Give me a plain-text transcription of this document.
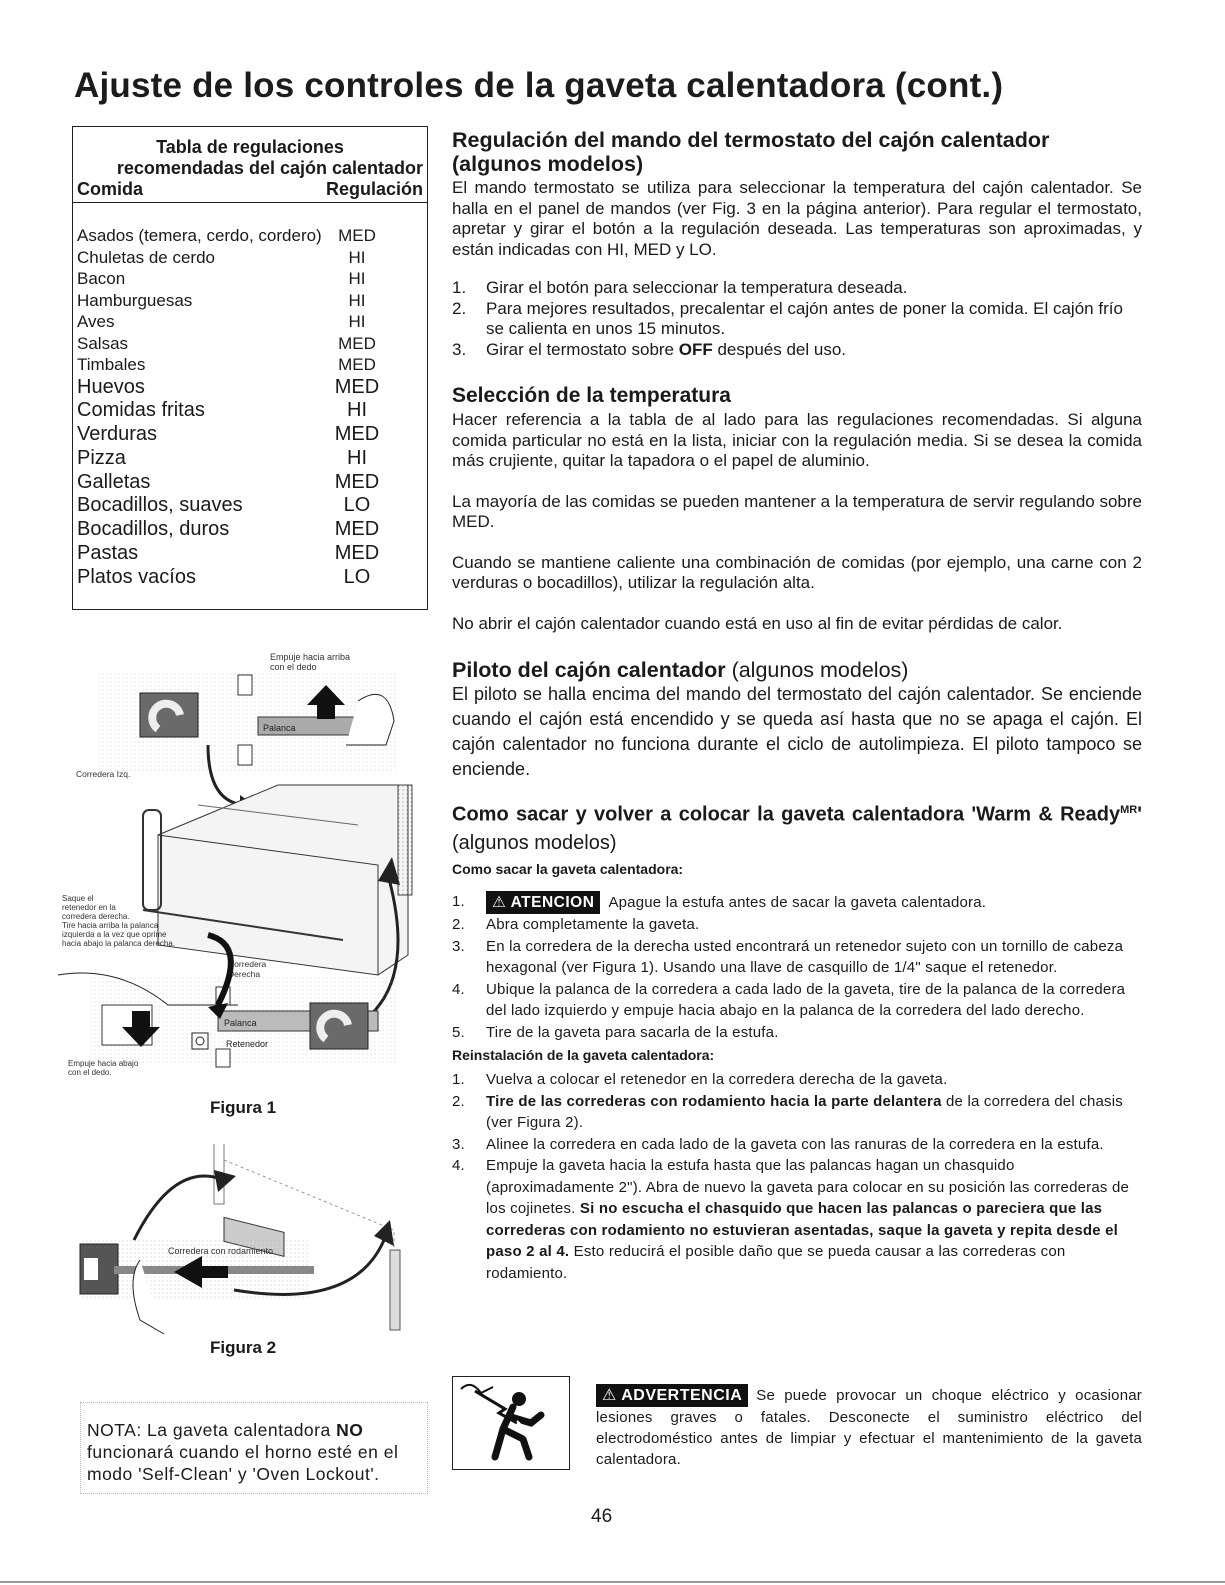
Ajuste de los controles de la gaveta calentadora (cont.)
Tabla de regulaciones
recomendadas del cajón calentador
Comida	Regulación
Asados (temera, cerdo, cordero) MED
Chuletas de cerdo	HI
Bacon	HI
Hamburguesas	HI
Aves	HI
Salsas	MED
Timbales	MED
Huevos	MED
Comidas fritas	HI
Verduras	MED
Pizza	HI
Galletas	MED
Bocadillos, suaves	LO
Bocadillos, duros	MED
Pastas	MED
Platos vacíos	LO
Empuje hacia arriba
con el dedo
Palanca
Corredera Izq.
Saque el
retenedor en la
corredera derecha.
Tire hacia arriba la palanca
izquierda a la vez que oprime
hacia abajo la palanca derecha.
Corredera
Derecha
Palanca
Retenedor
Empuje hacia abajo
con el dedo.
Figura 1
Corredera con rodamiento
Figura 2
NOTA: La gaveta calentadora NO funcionará cuando el horno esté en el modo 'Self-Clean' y 'Oven Lockout'.
Regulación del mando del termostato del cajón calentador (algunos modelos)

El mando termostato se utiliza para seleccionar la temperatura del cajón calentador. Se halla en el panel de mandos (ver Fig. 3 en la página anterior). Para regular el termostato, apretar y girar el botón a la regulación deseada. Las temperaturas son aproximadas, y están indicadas con HI, MED y LO.

1.	Girar el botón para seleccionar la temperatura deseada.
2.	Para mejores resultados, precalentar el cajón antes de poner la comida. El cajón frío se calienta en unos 15 minutos.
3.	Girar el termostato sobre OFF después del uso.
Selección de la temperatura

Hacer referencia a la tabla de al lado para las regulaciones recomendadas. Si alguna comida particular no está en la lista, iniciar con la regulación media. Si se desea la comida más crujiente, quitar la tapadora o el papel de aluminio.

La mayoría de las comidas se pueden mantener a la temperatura de servir regulando sobre MED.

Cuando se mantiene caliente una combinación de comidas (por ejemplo, una carne con 2 verduras o bocadillos), utilizar la regulación alta.

No abrir el cajón calentador cuando está en uso al fin de evitar pérdidas de calor.

Piloto del cajón calentador (algunos modelos)

El piloto se halla encima del mando del termostato del cajón calentador. Se enciende cuando el cajón está encendido y se queda así hasta que no se apaga el cajón. El cajón calentador no funciona durante el ciclo de autolimpieza. El piloto tampoco se enciende.

Como sacar y volver a colocar la gaveta calentadora 'Warm & Ready$^{MR}$' (algunos modelos)
Como sacar la gaveta calentadora:
1.	⚠ ATENCION Apague la estufa antes de sacar la gaveta calentadora.
2.	Abra completamente la gaveta.
3.	En la corredera de la derecha usted encontrará un retenedor sujeto con un tornillo de cabeza hexagonal (ver Figura 1). Usando una llave de casquillo de 1/4" saque el retenedor.
4.	Ubique la palanca de la corredera a cada lado de la gaveta, tire de la palanca de la corredera del lado izquierdo y empuje hacia abajo en la palanca de la corredera del lado derecho.
5.	Tire de la gaveta para sacarla de la estufa.
Reinstalación de la gaveta calentadora:
1.	Vuelva a colocar el retenedor en la corredera derecha de la gaveta.
2.	Tire de las correderas con rodamiento hacia la parte delantera de la corredera del chasis (ver Figura 2).
3.	Alinee la corredera en cada lado de la gaveta con las ranuras de la corredera en la estufa.
4.	Empuje la gaveta hacia la estufa hasta que las palancas hagan un chasquido (aproximadamente 2"). Abra de nuevo la gaveta para colocar en su posición las correderas de los cojinetes. Si no escucha el chasquido que hacen las palancas o pareciera que las correderas con rodamiento no estuvieran asentadas, saque la gaveta y repita desde el paso 2 al 4. Esto reducirá el posible daño que se pueda causar a las correderas con rodamiento.

⚠ ADVERTENCIA Se puede provocar un choque eléctrico y ocasionar lesiones graves o fatales. Desconecte el suministro eléctrico del electrodoméstico antes de limpiar y efectuar el mantenimiento de la gaveta calentadora.

46
